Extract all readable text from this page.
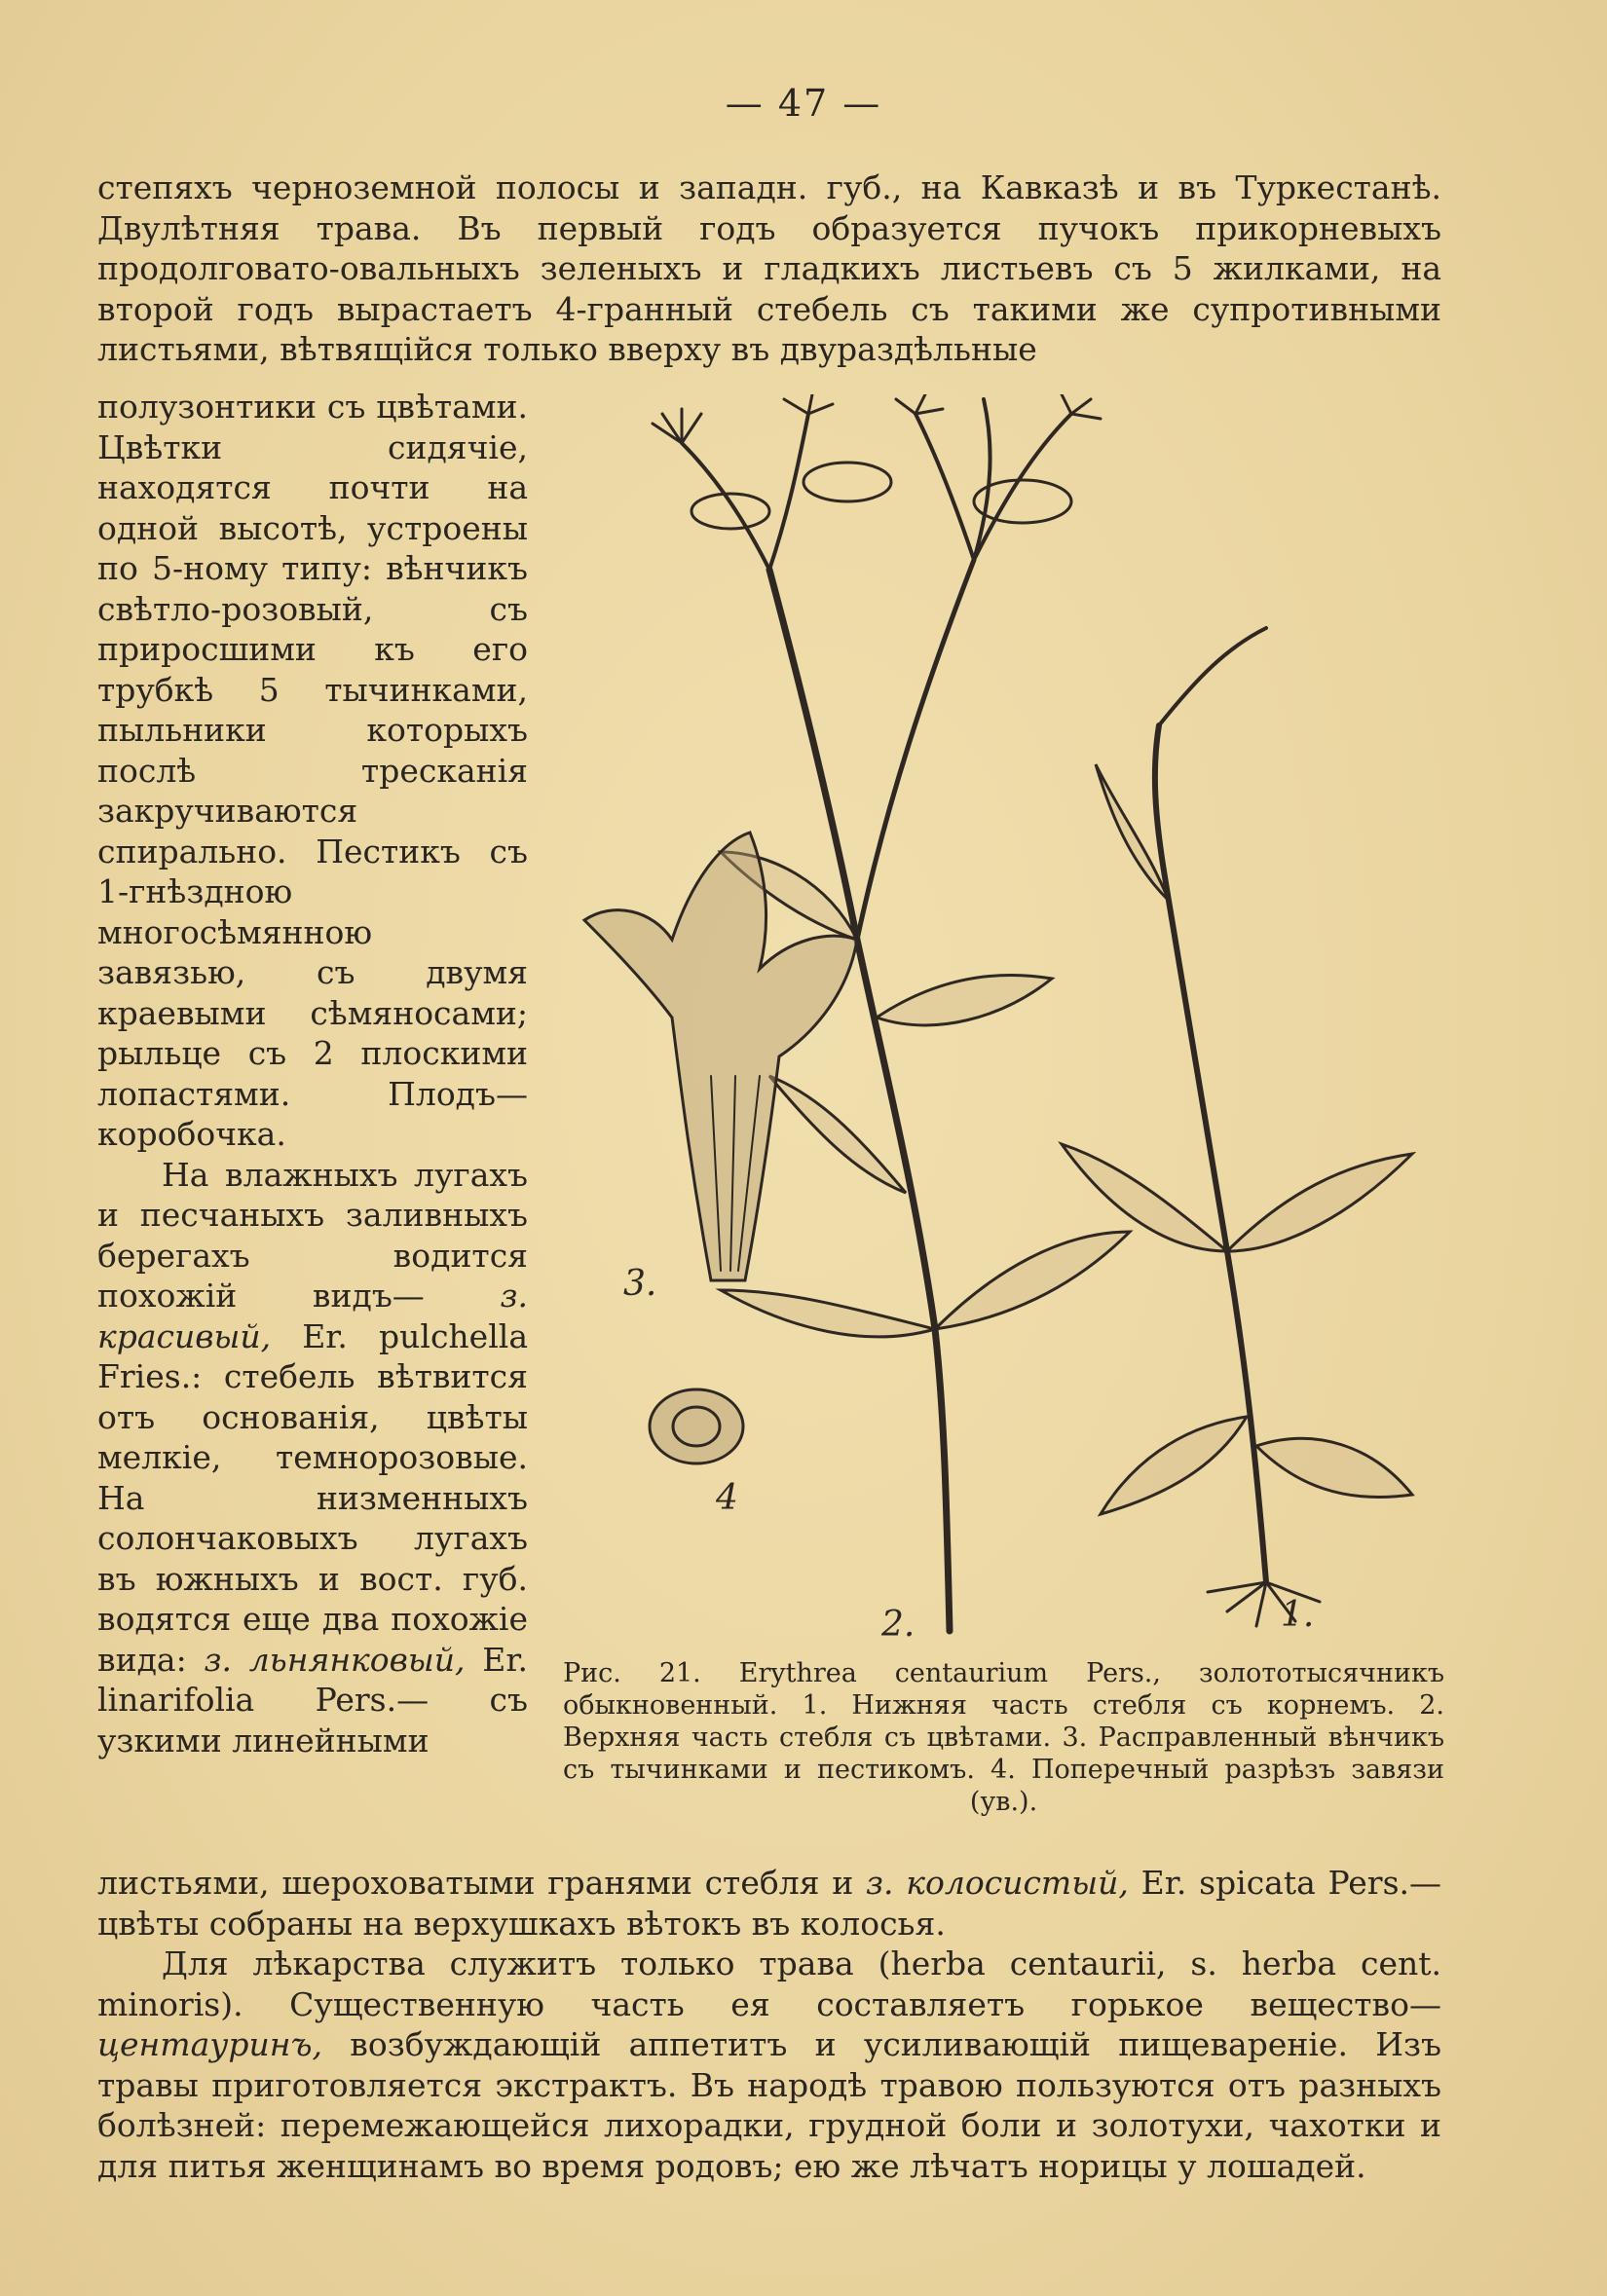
— 47 —

степяхъ черноземной полосы и западн. губ., на Кавказѣ и въ Туркестанѣ. Двулѣтняя трава. Въ первый годъ образуется пучокъ прикорневыхъ продолговато-овальныхъ зеленыхъ и гладкихъ листьевъ съ 5 жилками, на второй годъ вырастаетъ 4-гранный стебель съ такими же супротивными листьями, вѣтвящійся только вверху въ двураздѣльные

полузонтики съ цвѣтами. Цвѣтки сидячіе, находятся почти на одной высотѣ, устроены по 5-ному типу: вѣнчикъ свѣтло-розовый, съ приросшими къ его трубкѣ 5 тычинками, пыльники которыхъ послѣ трескaнія закручиваются спирально. Пестикъ съ 1-гнѣздною многосѣмянною завязью, съ двумя краевыми сѣмяносами; рыльце съ 2 плоскими лопастями. Плодъ—коробочка.

На влажныхъ лугахъ и песчаныхъ заливныхъ берегахъ водится похожій видъ— з. красивый, Er. pulchella Fries.: стебель вѣтвится отъ основанія, цвѣты мелкіе, темнорозовые. На низменныхъ солончаковыхъ лугахъ въ южныхъ и вост. губ. водятся еще два похожіе вида: з. льнянковый, Er. linarifolia Pers.— съ узкими линейными

3.
4
2.	1.
Рис. 21. Erythrea centaurium Pers., золототысячникъ обыкновенный. 1. Нижняя часть стебля съ корнемъ. 2. Верхняя часть стебля съ цвѣтами. 3. Расправленный вѣнчикъ съ тычинками и пестикомъ. 4. Поперечный разрѣзъ завязи (ув.).

листьями, шероховатыми гранями стебля и з. колосистый, Er. spicata Pers.—цвѣты собраны на верхушкахъ вѣтокъ въ колосья.

Для лѣкарства служитъ только трава (herba centaurii, s. herba cent. minoris). Существенную часть ея составляетъ горькое вещество—центауринъ, возбуждающій аппетитъ и усиливающій пищевареніе. Изъ травы приготовляется экстрактъ. Въ народѣ травою пользуются отъ разныхъ болѣзней: перемежающейся лихорадки, грудной боли и золотухи, чахотки и для питья женщинамъ во время родовъ; ею же лѣчатъ норицы у лошадей.
